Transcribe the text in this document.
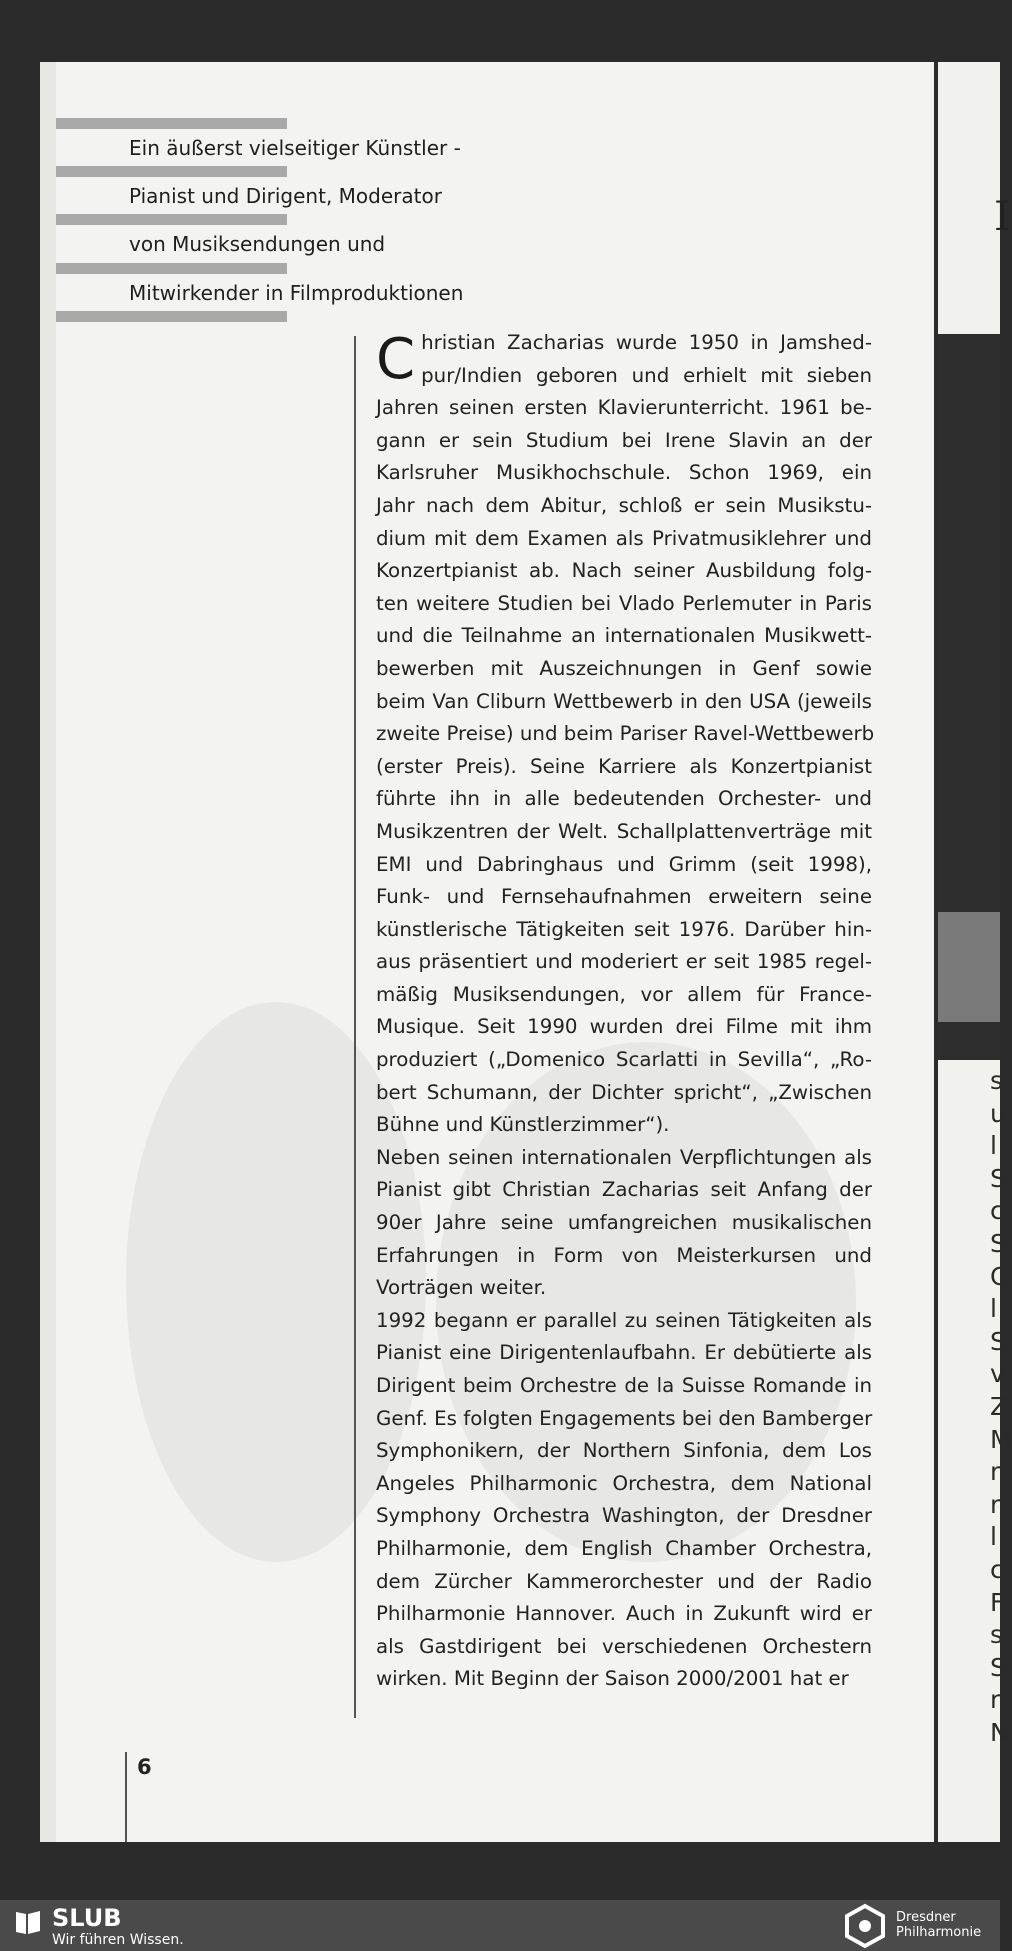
I
s
u
l
S
c
S
C
l
S
v
Z
M
r
r
l
c
F
s
S
r
N
Ein äußerst vielseitiger Künstler -
Pianist und Dirigent, Moderator
von Musiksendungen und
Mitwirkender in Filmproduktionen
C hristian Zacharias wurde 1950 in Jamshed-
pur/Indien geboren und erhielt mit sieben
Jahren seinen ersten Klavierunterricht. 1961 be-
gann er sein Studium bei Irene Slavin an der
Karlsruher Musikhochschule. Schon 1969, ein
Jahr nach dem Abitur, schloß er sein Musikstu-
dium mit dem Examen als Privatmusiklehrer und
Konzertpianist ab. Nach seiner Ausbildung folg-
ten weitere Studien bei Vlado Perlemuter in Paris
und die Teilnahme an internationalen Musikwett-
bewerben mit Auszeichnungen in Genf sowie
beim Van Cliburn Wettbewerb in den USA (jeweils
zweite Preise) und beim Pariser Ravel-Wettbewerb
(erster Preis). Seine Karriere als Konzertpianist
führte ihn in alle bedeutenden Orchester- und
Musikzentren der Welt. Schallplattenverträge mit
EMI und Dabringhaus und Grimm (seit 1998),
Funk- und Fernsehaufnahmen erweitern seine
künstlerische Tätigkeiten seit 1976. Darüber hin-
aus präsentiert und moderiert er seit 1985 regel-
mäßig Musiksendungen, vor allem für France-
Musique. Seit 1990 wurden drei Filme mit ihm
produziert („Domenico Scarlatti in Sevilla“, „Ro-
bert Schumann, der Dichter spricht“, „Zwischen
Bühne und Künstlerzimmer“).
Neben seinen internationalen Verpflichtungen als
Pianist gibt Christian Zacharias seit Anfang der
90er Jahre seine umfangreichen musikalischen
Erfahrungen in Form von Meisterkursen und
Vorträgen weiter.
1992 begann er parallel zu seinen Tätigkeiten als
Pianist eine Dirigentenlaufbahn. Er debütierte als
Dirigent beim Orchestre de la Suisse Romande in
Genf. Es folgten Engagements bei den Bamberger
Symphonikern, der Northern Sinfonia, dem Los
Angeles Philharmonic Orchestra, dem National
Symphony Orchestra Washington, der Dresdner
Philharmonie, dem English Chamber Orchestra,
dem Zürcher Kammerorchester und der Radio
Philharmonie Hannover. Auch in Zukunft wird er
als Gastdirigent bei verschiedenen Orchestern
wirken. Mit Beginn der Saison 2000/2001 hat er
6
SLUB
Wir führen Wissen.
Dresdner
Philharmonie
